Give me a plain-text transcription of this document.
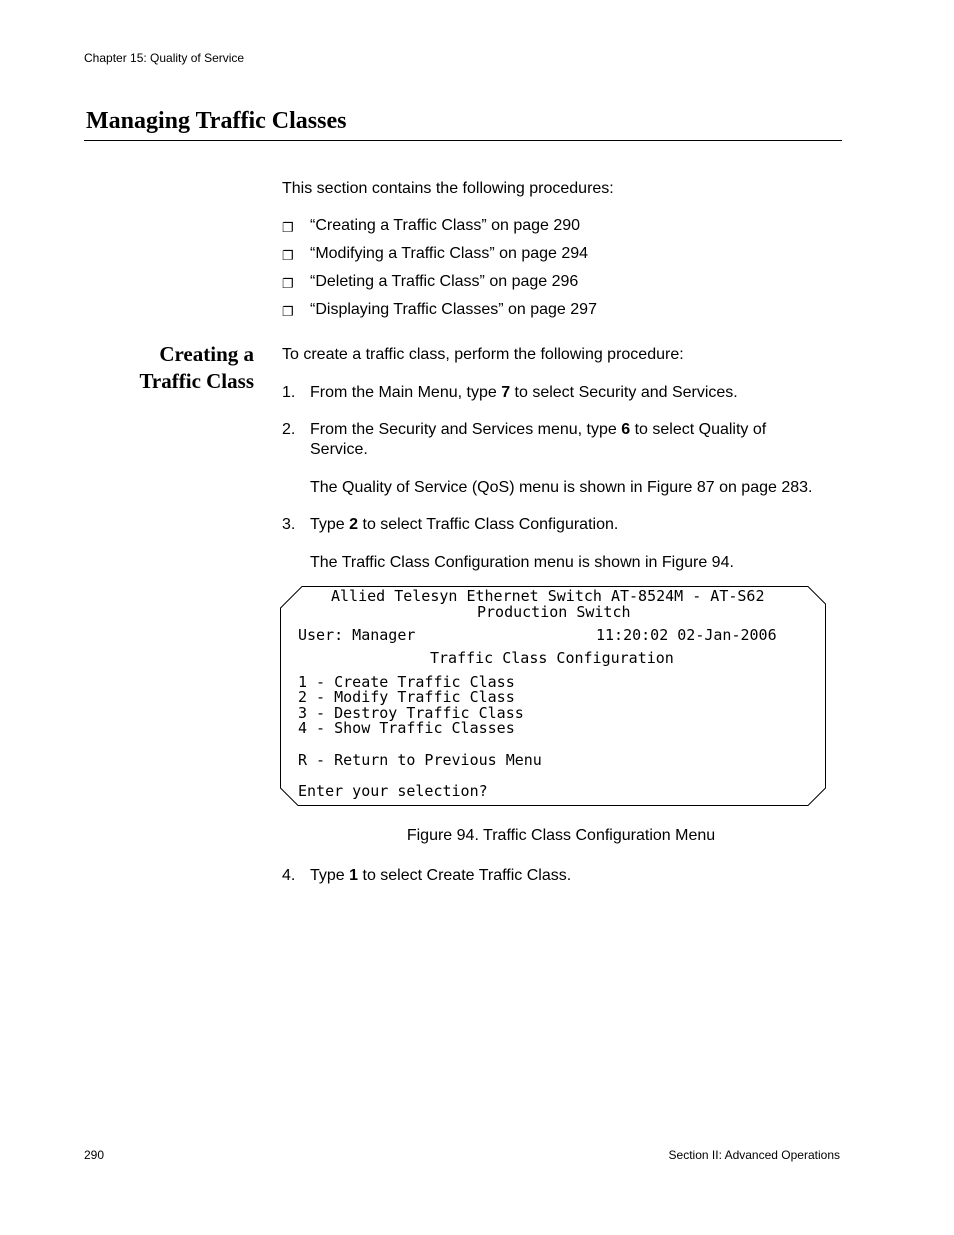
Chapter 15: Quality of Service
Managing Traffic Classes
This section contains the following procedures:
❐ “Creating a Traffic Class” on page 290
❐ “Modifying a Traffic Class” on page 294
❐ “Deleting a Traffic Class” on page 296
❐ “Displaying Traffic Classes” on page 297
Creating a
Traffic Class
To create a traffic class, perform the following procedure:
1. From the Main Menu, type 7 to select Security and Services.
2. From the Security and Services menu, type 6 to select Quality of
Service.
The Quality of Service (QoS) menu is shown in Figure 87 on page 283.
3. Type 2 to select Traffic Class Configuration.
The Traffic Class Configuration menu is shown in Figure 94.
Allied Telesyn Ethernet Switch AT-8524M - AT-S62
Production Switch
User: Manager	11:20:02 02-Jan-2006
Traffic Class Configuration
1 - Create Traffic Class
2 - Modify Traffic Class
3 - Destroy Traffic Class
4 - Show Traffic Classes
R - Return to Previous Menu
Enter your selection?
Figure 94. Traffic Class Configuration Menu
4. Type 1 to select Create Traffic Class.
290	Section II: Advanced Operations
